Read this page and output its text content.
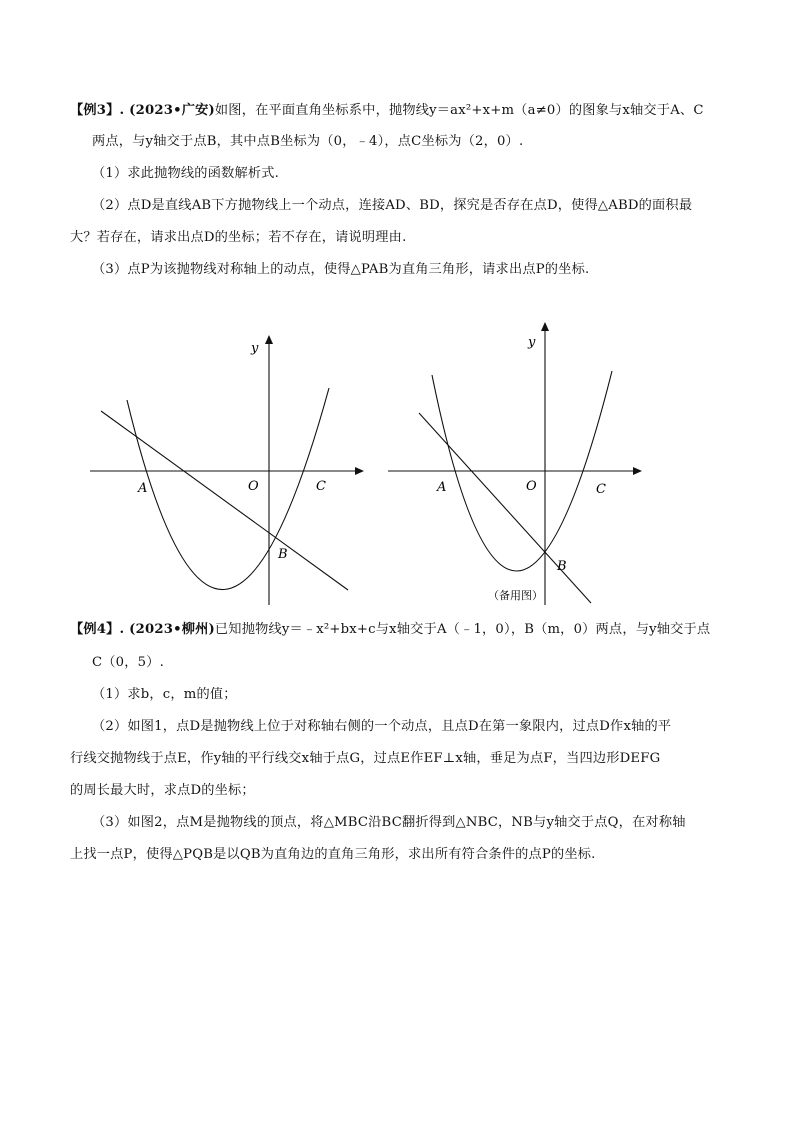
【例3】. (2023•广安)如图，在平面直角坐标系中，抛物线y＝ax²+x+m（a≠0）的图象与x轴交于A、C
两点，与y轴交于点B，其中点B坐标为（0，﹣4），点C坐标为（2，0）.
（1）求此抛物线的函数解析式.
（2）点D是直线AB下方抛物线上一个动点，连接AD、BD，探究是否存在点D，使得△ABD的面积最
大？若存在，请求出点D的坐标；若不存在，请说明理由.
（3）点P为该抛物线对称轴上的动点，使得△PAB为直角三角形，请求出点P的坐标.
y
O
A
B
C
y
O
A
B
C
（备用图）
【例4】. (2023•柳州)已知抛物线y＝﹣x²+bx+c与x轴交于A（﹣1，0），B（m，0）两点，与y轴交于点
C（0，5）.
（1）求b，c，m的值；
（2）如图1，点D是抛物线上位于对称轴右侧的一个动点，且点D在第一象限内，过点D作x轴的平
行线交抛物线于点E，作y轴的平行线交x轴于点G，过点E作EF⊥x轴，垂足为点F，当四边形DEFG
的周长最大时，求点D的坐标；
（3）如图2，点M是抛物线的顶点，将△MBC沿BC翻折得到△NBC，NB与y轴交于点Q，在对称轴
上找一点P，使得△PQB是以QB为直角边的直角三角形，求出所有符合条件的点P的坐标.
